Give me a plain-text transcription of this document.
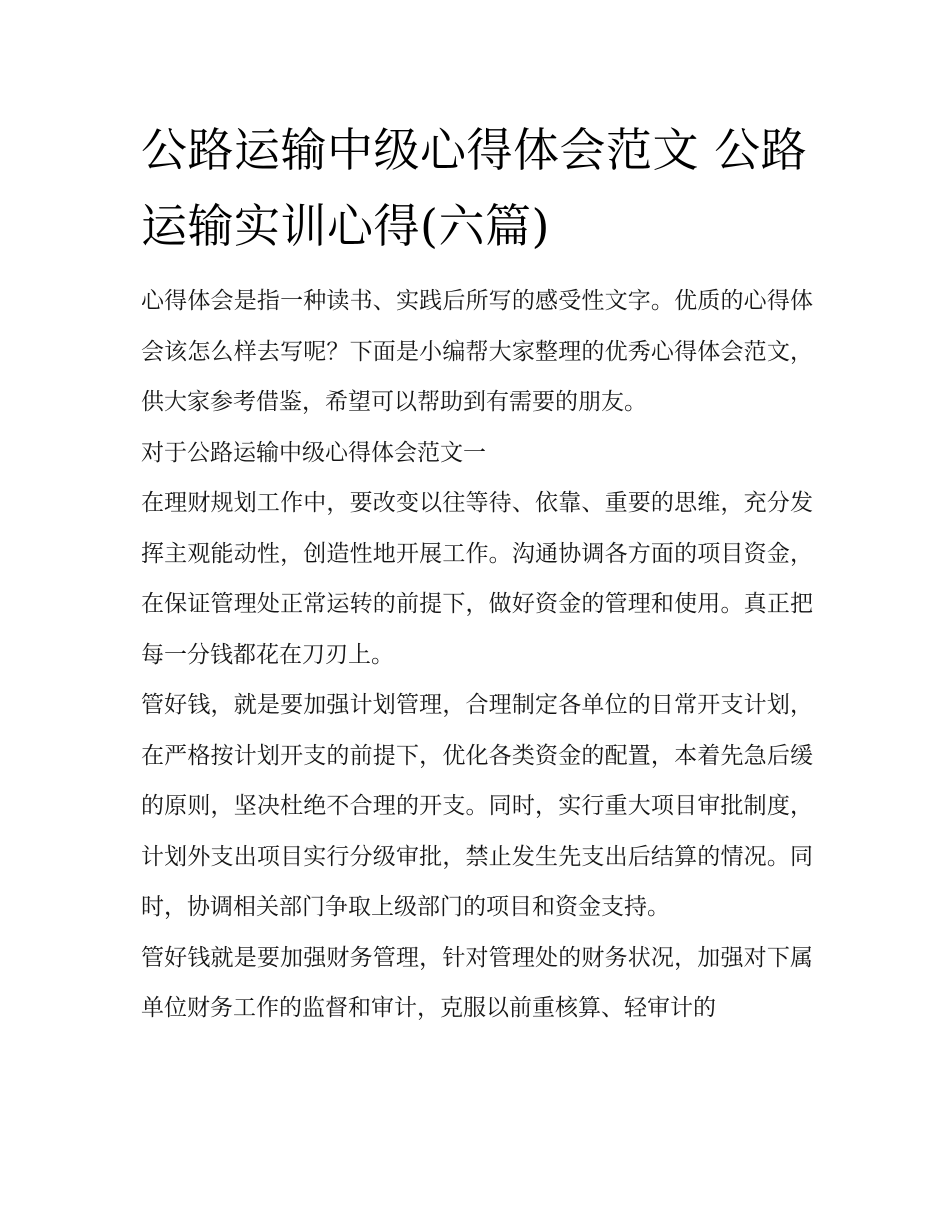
公路运输中级心得体会范文 公路运输实训心得(六篇)

心得体会是指一种读书、实践后所写的感受性文字。优质的心得体会该怎么样去写呢？下面是小编帮大家整理的优秀心得体会范文，供大家参考借鉴，希望可以帮助到有需要的朋友。

对于公路运输中级心得体会范文一

在理财规划工作中，要改变以往等待、依靠、重要的思维，充分发挥主观能动性，创造性地开展工作。沟通协调各方面的项目资金，在保证管理处正常运转的前提下，做好资金的管理和使用。真正把每一分钱都花在刀刃上。

管好钱，就是要加强计划管理，合理制定各单位的日常开支计划，在严格按计划开支的前提下，优化各类资金的配置，本着先急后缓的原则，坚决杜绝不合理的开支。同时，实行重大项目审批制度，计划外支出项目实行分级审批，禁止发生先支出后结算的情况。同时，协调相关部门争取上级部门的项目和资金支持。

管好钱就是要加强财务管理，针对管理处的财务状况，加强对下属单位财务工作的监督和审计，克服以前重核算、轻审计的
